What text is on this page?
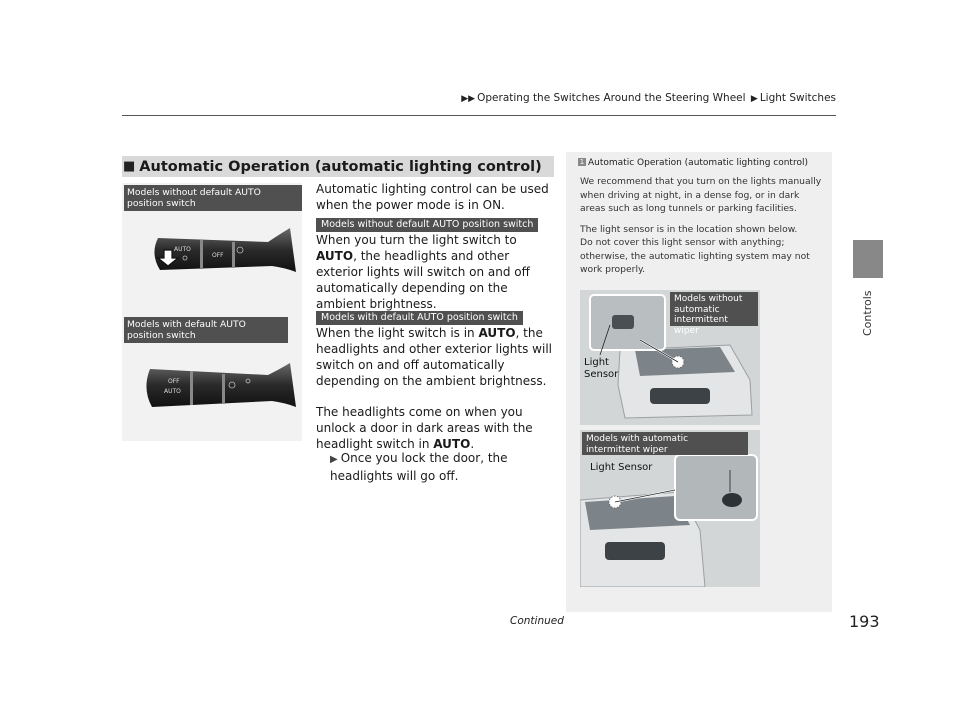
▶▶ Operating the Switches Around the Steering Wheel ▶ Light Switches
Controls
■ Automatic Operation (automatic lighting control)
Models without default AUTO position switch
Models with default AUTO position switch
AUTO
OFF
OFF
AUTO
Automatic lighting control can be used when the power mode is in ON.
Models without default AUTO position switch
When you turn the light switch to AUTO, the headlights and other exterior lights will switch on and off automatically depending on the ambient brightness.
Models with default AUTO position switch
When the light switch is in AUTO, the headlights and other exterior lights will switch on and off automatically depending on the ambient brightness.
The headlights come on when you unlock a door in dark areas with the headlight switch in AUTO.
▶ Once you lock the door, the headlights will go off.
1 Automatic Operation (automatic lighting control)
We recommend that you turn on the lights manually when driving at night, in a dense fog, or in dark areas such as long tunnels or parking facilities.
The light sensor is in the location shown below.
Do not cover this light sensor with anything; otherwise, the automatic lighting system may not work properly.
Models without automatic intermittent wiper
Light Sensor
Models with automatic intermittent wiper
Light Sensor
Continued	193
